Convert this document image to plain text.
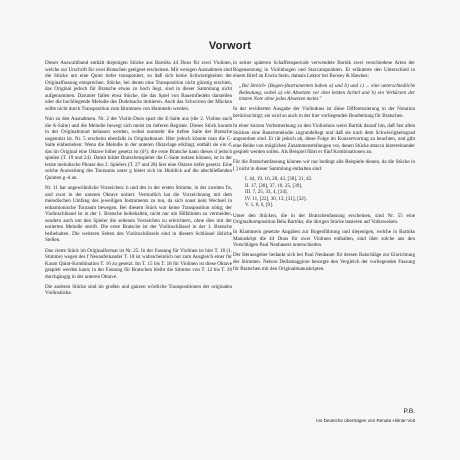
Vorwort

Dieser Auswahlband enthält diejenigen Stücke aus Bartóks 44 Duos für zwei Violinen, welche zur Urschrift für zwei Bratschen geeignet erscheinen. Mit wenigen Ausnahmen sind die Stücke um eine Quint tiefer transponiert, so daß sich keine Schwierigkeiten der Originalfassung entsprechen. Stücke, bei denen eine Transposition nicht günstig erschien, das Original jedoch für Bratsche etwas zu hoch liegt, sind in dieser Sammlung nicht aufgenommen. Darunter fallen etwa Stücke, die das Spiel von Bauernfiedeln darstellen oder die hochliegende Melodie des Dudelsacks imitieren. Auch das Schwirren der Mücken sollte nicht durch Transposition zum Brummen von Hummeln werden.

Nun zu den Ausnahmen. Nr. 2 der Violin-Duos spart die E-Saite aus (die 2. Violine auch die A-Saite) und die Melodie bewegt sich meist im tieferen Register. Dieses Stück konnte in der Originaltonart belassen werden, wobei nunmehr die tiefste Saite der Bratsche ungenutzt ist. Nr. 5 erscheint ebenfalls in Originaltonart. Hier jedoch könnte man die C-Saite einbeziehen: Wenn die Melodie in der unteren Oktavlage erklingt, enthält sie ein d, das im Original eine Oktave höher gesetzt ist (d²); die erste Bratsche kann dieses d jedoch spielen (T. 19 und 24). Damit bildet Bratschenspieler die C-Saite nutzen können, ist in der letzte melodische Phrase des 2. Spielers (T. 27 und 28) hier eine Oktave tiefer gesetzt. Eine solche Ausweitung des Tonraums unter g bietet sich im Hinblick auf die abschließenden Quinten g–d an.

Nr. 11 hat ungewöhnliche Vorzeichen: b und des in der ersten Stimme, in der zweiten fis, und zwar in der unteren Oktave notiert. Vermutlich hat die Vorzeichnung mit dem melodischen Umfang des jeweiligen Instruments zu tun, da sich sonst kein Wechsel in enharmonische Tonraum bewegen. Bei diesem Stück war keine Transposition nötig; der Violinschlüssel ist in der 1. Bratsche beibehalten, nicht nur um Hilfslinien zu vermeiden, sondern auch um den Spieler die seltenen Vorzeichen zu erleichtern, ohne dies mit der notierten Melodie streift. Die erste Bratsche ist der Violinschlüssel in der 1. Bratsche beibehalten. Die weiteren Seiten des Violinschlüssels sind in diesem Schlüssel übliche Stellen.

Das vierte Stück im Originalformat ist Nr. 25. In der Fassung für Violinen ist hier T. 18 (1. Stimme) wegen des f Neuaufeinander T. 18 ist wahrscheinlich nur zum Ausgleich einer für Kaum Quint-Kombination T. 16 zu gesetzt. Im T. 15 bis T. 18 für Violinen ist diese Oktave gespielt werden kann; in der Fassung für Bratschen bleibt die Stimme von T. 12 bis T. 20 durchgängig in der unteren Oktave.

Die anderen Stücke sind im großen und ganzen wörtliche Transpositionen der originalen Violinstücke.

in seiner späteren Schaffensperiode verwendete Bartók zwei verschiedene Arten der Bogensetzung in Violinbogen und Staccatopunkten. Er erläuterte den Unterschied in einem Brief an Erwin Stein, damals Lektor bei Boosey & Hawkes:

„Bei Streich- (Bogen-)Instrumenten haben a) und b) und c) ... eine unterschiedliche Bedeutung, wobei a) ein Absetzen vor dem letzten Achtel und b) ein Verkürzen der letzten Note ohne jedes Absetzen meint."

In der revidierten Ausgabe der Violinduos ist diese Differenzierung in der Notation berücksichtigt; sie wird so auch in der hier vorliegenden Bearbeitung für Bratschen.

In einer kurzen Vorbemerkung zu den Violinduos weist Bartók darauf hin, daß fast allen Stücken eine Bauernmelodie zugrundeliegt und daß sie nach dem Schwierigkeitsgrad angeordnet sind. Er rät jedoch ab, diese Folge im Konzertvortrag zu beachten, und gibt eine Reihe von möglichen Zusammenstellungen vor, denen Stücke attacca hintereinander gespielt werden sollen. Als Beispiel führt er fünf Kombinationen an.

Für die Bratschenfassung können wir nur bedingt alle Beispiele dienen, da die Stücke in [ ] nicht in dieser Sammlung enthalten sind:

I. 44, 19, 16, 28, 43, [38], 21, 42.

II. 17, [38], 37, 10, 25, [39].

III. 7, 25, 33, 4, [34].

IV. 11, [22], 30, 13, [31], [32].

V. 1, 8, 6, [9].

Unter den Stücken, die in der Bratschenfassung erscheinen, sind Nr. 55 eine Originalkomposition Béla Bartóks; die übrigen Stücke basieren auf Volksweisen.

In Klammern gesetzte Angaben zur Bogenführung und diejenigen, welche in Bartóks Manuskript die 44 Duos für zwei Violinen enthalten, sind über solche aus den Vorschlägen Paul Neubauers unterschieden.

Der Herausgeber bedankt sich bei Paul Neubauer für dessen Ratschläge zur Einrichtung der Stimmen. Nelson Dellamaggiore besorgte den Vergleich der vorliegenden Fassung für Bratschen mit den Originalmanuskripten.

P.B.
Ins Deutsche übertragen von Renate Hilmar-Voit
